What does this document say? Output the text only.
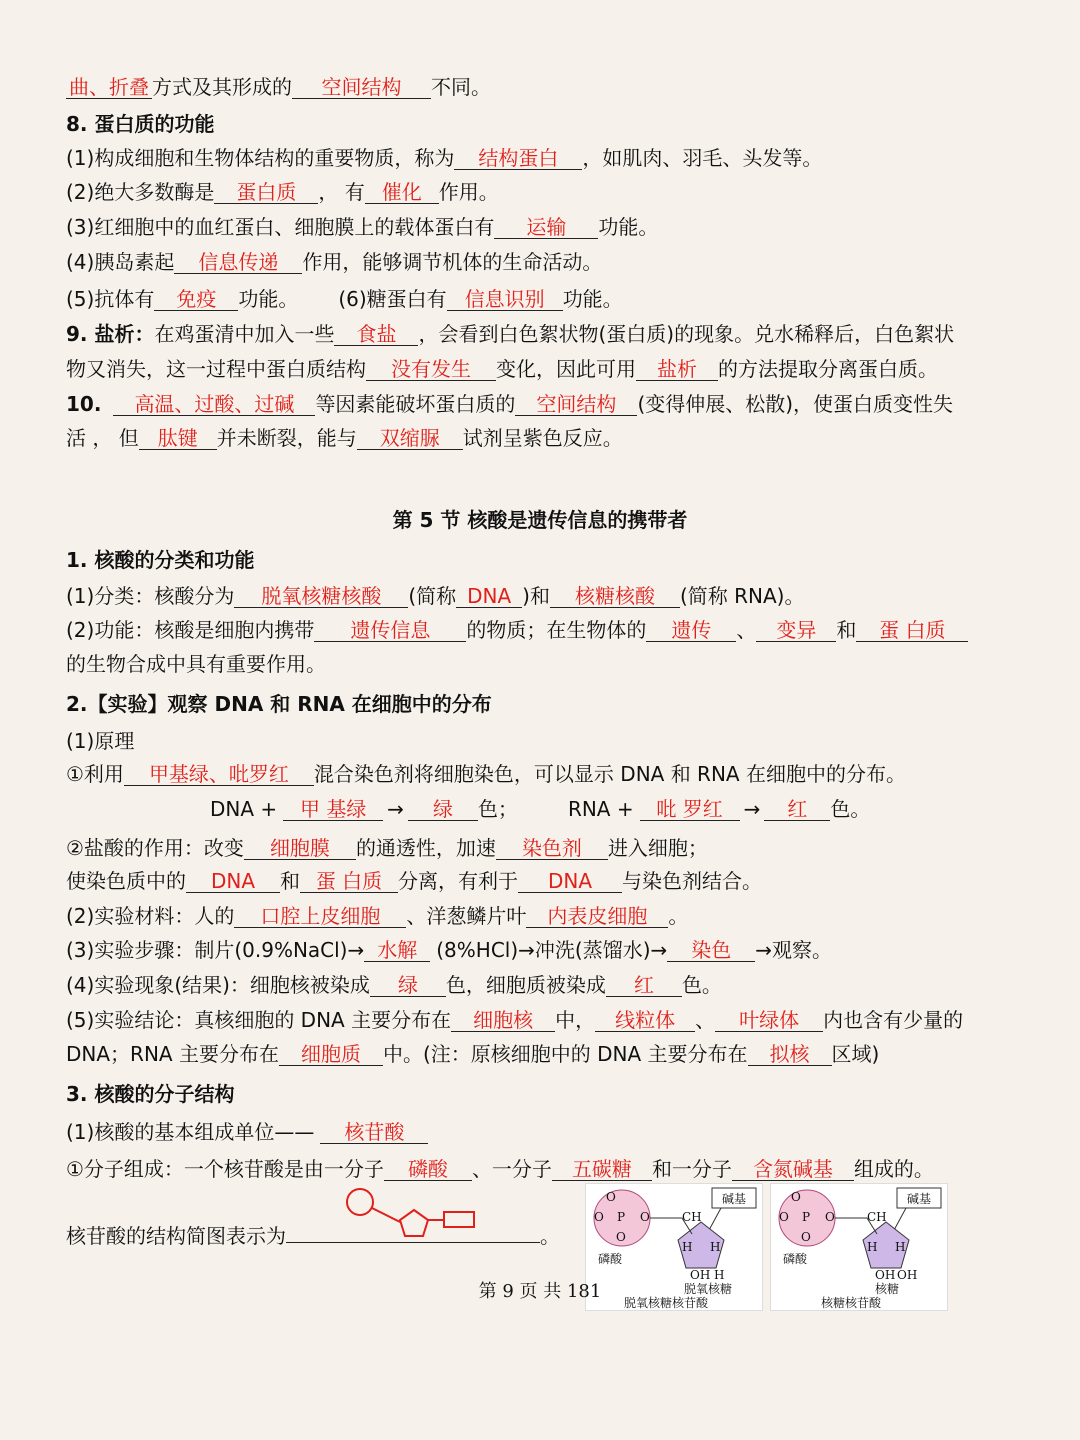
曲、折叠 方式及其形成的 空间结构 不同。
8. 蛋白质的功能
(1)构成细胞和生物体结构的重要物质，称为 结构蛋白 ，如肌肉、羽毛、头发等。
(2)绝大多数酶是 蛋白质 ， 有 催化 作用。
(3)红细胞中的血红蛋白、细胞膜上的载体蛋白有 运输 功能。
(4)胰岛素起 信息传递 作用，能够调节机体的生命活动。
(5)抗体有 免疫 功能。 (6)糖蛋白有 信息识别 功能。
9. 盐析：在鸡蛋清中加入一些 食盐 ，会看到白色絮状物(蛋白质)的现象。兑水稀释后，白色絮状
物又消失，这一过程中蛋白质结构 没有发生 变化，因此可用 盐析 的方法提取分离蛋白质。
10. 高温、过酸、过碱 等因素能破坏蛋白质的 空间结构 (变得伸展、松散)，使蛋白质变性失
活 ， 但 肽键 并未断裂，能与 双缩脲 试剂呈紫色反应。
第 5 节 核酸是遗传信息的携带者
1. 核酸的分类和功能
(1)分类：核酸分为 脱氧核糖核酸 (简称 DNA )和 核糖核酸 (简称 RNA)。
(2)功能：核酸是细胞内携带 遗传信息 的物质；在生物体的 遗传 、 变异 和 蛋 白质
的生物合成中具有重要作用。
2.【实验】观察 DNA 和 RNA 在细胞中的分布
(1)原理
①利用 甲基绿、吡罗红 混合染色剂将细胞染色，可以显示 DNA 和 RNA 在细胞中的分布。
DNA + 甲 基绿 → 绿 色；	RNA + 吡 罗红 → 红 色。
②盐酸的作用：改变 细胞膜 的通透性，加速 染色剂 进入细胞；
使染色质中的 DNA 和 蛋 白质 分离，有利于 DNA 与染色剂结合。
(2)实验材料：人的 口腔上皮细胞 、洋葱鳞片叶 内表皮细胞 。
(3)实验步骤：制片(0.9%NaCl)→ 水解 (8%HCl)→冲洗(蒸馏水)→ 染色 →观察。
(4)实验现象(结果)：细胞核被染成 绿 色，细胞质被染成 红 色。
(5)实验结论：真核细胞的 DNA 主要分布在 细胞核 中， 线粒体 、 叶绿体 内也含有少量的
DNA；RNA 主要分布在 细胞质 中。(注：原核细胞中的 DNA 主要分布在 拟核 区域)
3. 核酸的分子结构
(1)核酸的基本组成单位—— 核苷酸
①分子组成：一个核苷酸是由一分子 磷酸 、一分子 五碳糖 和一分子 含氮碱基 组成的。
核苷酸的结构简图表示为	。
O
O P O
O
CH
碱基
磷酸
H H
OH H
脱氧核糖
脱氧核糖核苷酸
O
O P O
O
CH
碱基
磷酸
H H
OH OH
核糖
核糖核苷酸
第 9 页 共 181
